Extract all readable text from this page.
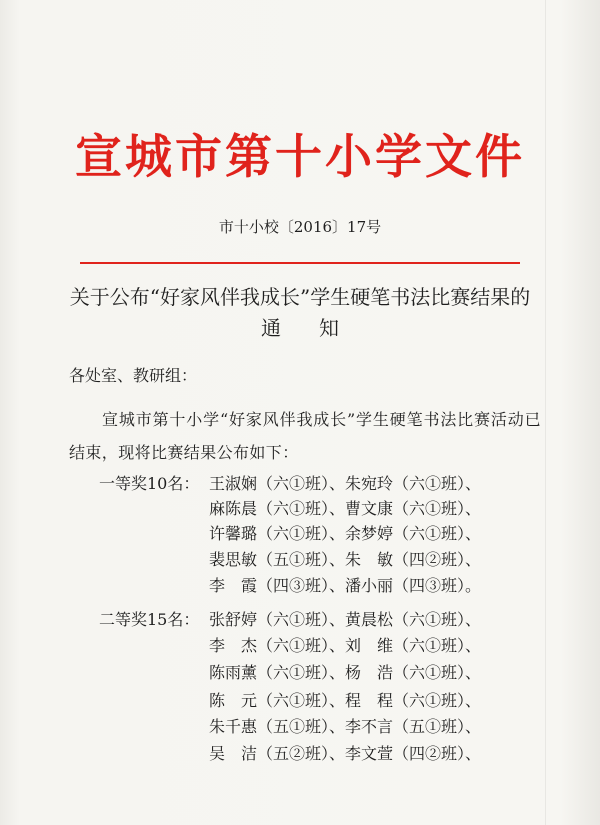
宣城市第十小学文件
市十小校〔2016〕17号
关于公布“好家风伴我成长”学生硬笔书法比赛结果的
通知
各处室、教研组：
宣城市第十小学“好家风伴我成长”学生硬笔书法比赛活动已结束，现将比赛结果公布如下：
一等奖10名： 王淑娴（六①班）、朱宛玲（六①班）、
麻陈晨（六①班）、曹文康（六①班）、
许馨璐（六①班）、余梦婷（六①班）、
裴思敏（五①班）、朱　敏（四②班）、
李　霞（四③班）、潘小丽（四③班）。
二等奖15名： 张舒婷（六①班）、黄晨松（六①班）、
李　杰（六①班）、刘　维（六①班）、
陈雨薰（六①班）、杨　浩（六①班）、
陈　元（六①班）、程　程（六①班）、
朱千惠（五①班）、李不言（五①班）、
吴　洁（五②班）、李文萱（四②班）、
